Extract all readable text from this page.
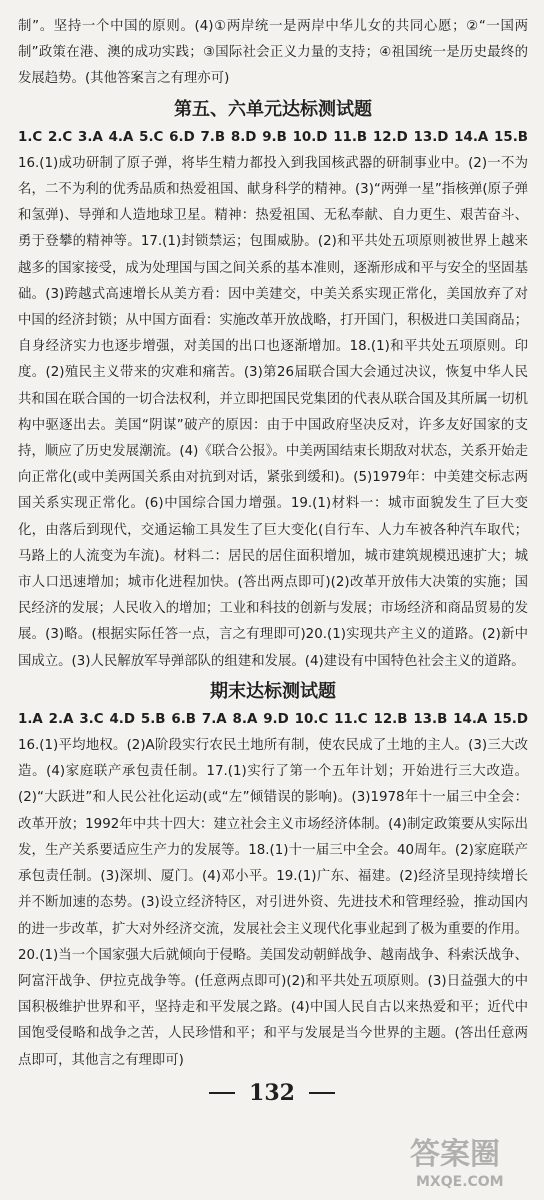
制”。坚持一个中国的原则。(4)①两岸统一是两岸中华儿女的共同心愿；②“一国两制”政策在港、澳的成功实践；③国际社会正义力量的支持；④祖国统一是历史最终的发展趋势。(其他答案言之有理亦可)

第五、六单元达标测试题

1.C 2.C 3.A 4.A 5.C 6.D 7.B 8.D 9.B 10.D 11.B 12.D 13.D 14.A 15.B 16.(1)成功研制了原子弹，将毕生精力都投入到我国核武器的研制事业中。(2)一不为名，二不为利的优秀品质和热爱祖国、献身科学的精神。(3)“两弹一星”指核弹(原子弹和氢弹)、导弹和人造地球卫星。精神：热爱祖国、无私奉献、自力更生、艰苦奋斗、勇于登攀的精神等。17.(1)封锁禁运；包围威胁。(2)和平共处五项原则被世界上越来越多的国家接受，成为处理国与国之间关系的基本准则，逐渐形成和平与安全的坚固基础。(3)跨越式高速增长从美方看：因中美建交，中美关系实现正常化，美国放弃了对中国的经济封锁；从中国方面看：实施改革开放战略，打开国门，积极进口美国商品；自身经济实力也逐步增强，对美国的出口也逐渐增加。18.(1)和平共处五项原则。印度。(2)殖民主义带来的灾难和痛苦。(3)第26届联合国大会通过决议，恢复中华人民共和国在联合国的一切合法权利，并立即把国民党集团的代表从联合国及其所属一切机构中驱逐出去。美国“阴谋”破产的原因：由于中国政府坚决反对，许多友好国家的支持，顺应了历史发展潮流。(4)《联合公报》。中美两国结束长期敌对状态，关系开始走向正常化(或中美两国关系由对抗到对话，紧张到缓和)。(5)1979年：中美建交标志两国关系实现正常化。(6)中国综合国力增强。19.(1)材料一：城市面貌发生了巨大变化，由落后到现代，交通运输工具发生了巨大变化(自行车、人力车被各种汽车取代；马路上的人流变为车流)。材料二：居民的居住面积增加，城市建筑规模迅速扩大；城市人口迅速增加；城市化进程加快。(答出两点即可)(2)改革开放伟大决策的实施；国民经济的发展；人民收入的增加；工业和科技的创新与发展；市场经济和商品贸易的发展。(3)略。(根据实际任答一点，言之有理即可)20.(1)实现共产主义的道路。(2)新中国成立。(3)人民解放军导弹部队的组建和发展。(4)建设有中国特色社会主义的道路。

期末达标测试题

1.A 2.A 3.C 4.D 5.B 6.B 7.A 8.A 9.D 10.C 11.C 12.B 13.B 14.A 15.D 16.(1)平均地权。(2)A阶段实行农民土地所有制，使农民成了土地的主人。(3)三大改造。(4)家庭联产承包责任制。17.(1)实行了第一个五年计划；开始进行三大改造。(2)“大跃进”和人民公社化运动(或“左”倾错误的影响)。(3)1978年十一届三中全会：改革开放；1992年中共十四大：建立社会主义市场经济体制。(4)制定政策要从实际出发，生产关系要适应生产力的发展等。18.(1)十一届三中全会。40周年。(2)家庭联产承包责任制。(3)深圳、厦门。(4)邓小平。19.(1)广东、福建。(2)经济呈现持续增长并不断加速的态势。(3)设立经济特区，对引进外资、先进技术和管理经验，推动国内的进一步改革，扩大对外经济交流，发展社会主义现代化事业起到了极为重要的作用。20.(1)当一个国家强大后就倾向于侵略。美国发动朝鲜战争、越南战争、科索沃战争、阿富汗战争、伊拉克战争等。(任意两点即可)(2)和平共处五项原则。(3)日益强大的中国积极维护世界和平，坚持走和平发展之路。(4)中国人民自古以来热爱和平；近代中国饱受侵略和战争之苦，人民珍惜和平；和平与发展是当今世界的主题。(答出任意两点即可，其他言之有理即可)

132
答案圈
MXQE.COM
